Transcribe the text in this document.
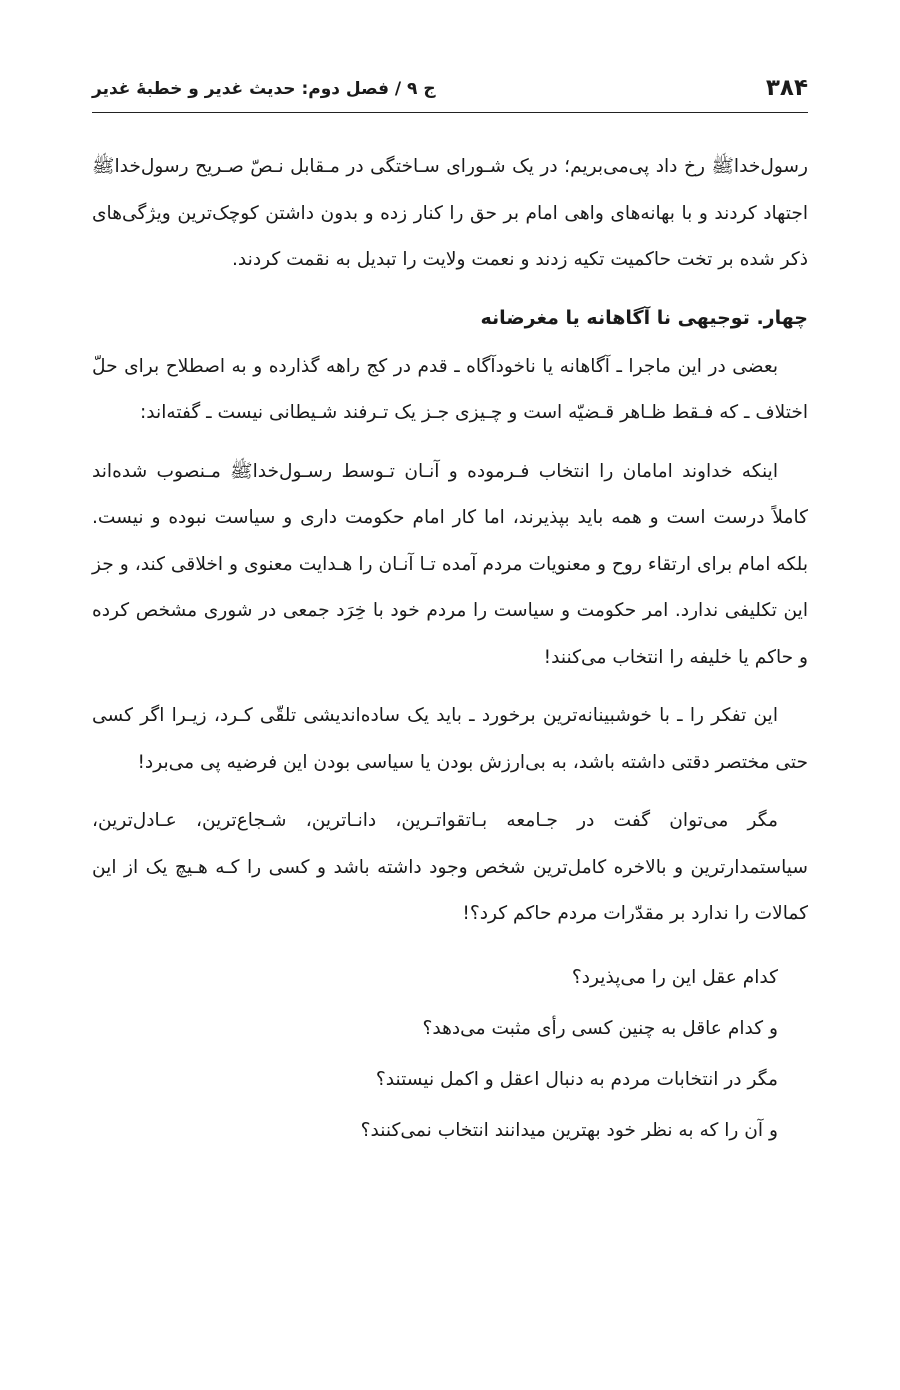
۳۸۴
ج ۹ / فصل دوم: حدیث غدیر و خطبهٔ غدیر

رسول‌خداﷺ رخ داد پی‌می‌بریم؛ در یک شـورای سـاختگی در مـقابل نـصّ صـریح رسول‌خداﷺ اجتهاد کردند و با بهانه‌های واهی امام بر حق را کنار زده و بدون داشتن کوچک‌ترین ویژگی‌های ذکر شده بر تخت حاکمیت تکیه زدند و نعمت ولایت را تبدیل به نقمت کردند.

چهار. توجیهی نا آگاهانه یا مغرضانه

بعضی در این ماجرا ـ آگاهانه یا ناخودآگاه ـ قدم در کج راهه گذارده و به اصطلاح برای حلّ اختلاف ـ که فـقط ظـاهر قـضیّه است و چـیزی جـز یک تـرفند شـیطانی نیست ـ گفته‌اند:

اینکه خداوند امامان را انتخاب فـرموده و آنـان تـوسط رسـول‌خداﷺ مـنصوب شده‌اند کاملاً درست است و همه باید بپذیرند، اما کار امام حکومت داری و سیاست نبوده و نیست. بلکه امام برای ارتقاء روح و معنویات مردم آمده تـا آنـان را هـدایت معنوی و اخلاقی کند، و جز این تکلیفی ندارد. امر حکومت و سیاست را مردم خود با خِرَد جمعی در شوری مشخص کرده و حاکم یا خلیفه را انتخاب می‌کنند!

این تفکر را ـ با خوشبینانه‌ترین برخورد ـ باید یک ساده‌اندیشی تلقّی کـرد، زیـرا اگر کسی حتی مختصر دقتی داشته باشد، به بی‌ارزش بودن یا سیاسی بودن این فرضیه پی می‌برد!

مگر می‌توان گفت در جـامعه بـاتقواتـرین، دانـاترین، شـجاع‌ترین، عـادل‌ترین، سیاستمدارترین و بالاخره کامل‌ترین شخص وجود داشته باشد و کسی را کـه هـیچ یک از این کمالات را ندارد بر مقدّرات مردم حاکم کرد؟!

کدام عقل این را می‌پذیرد؟
و کدام عاقل به چنین کسی رأی مثبت می‌دهد؟
مگر در انتخابات مردم به دنبال اعقل و اکمل نیستند؟
و آن را که به نظر خود بهترین میدانند انتخاب نمی‌کنند؟
